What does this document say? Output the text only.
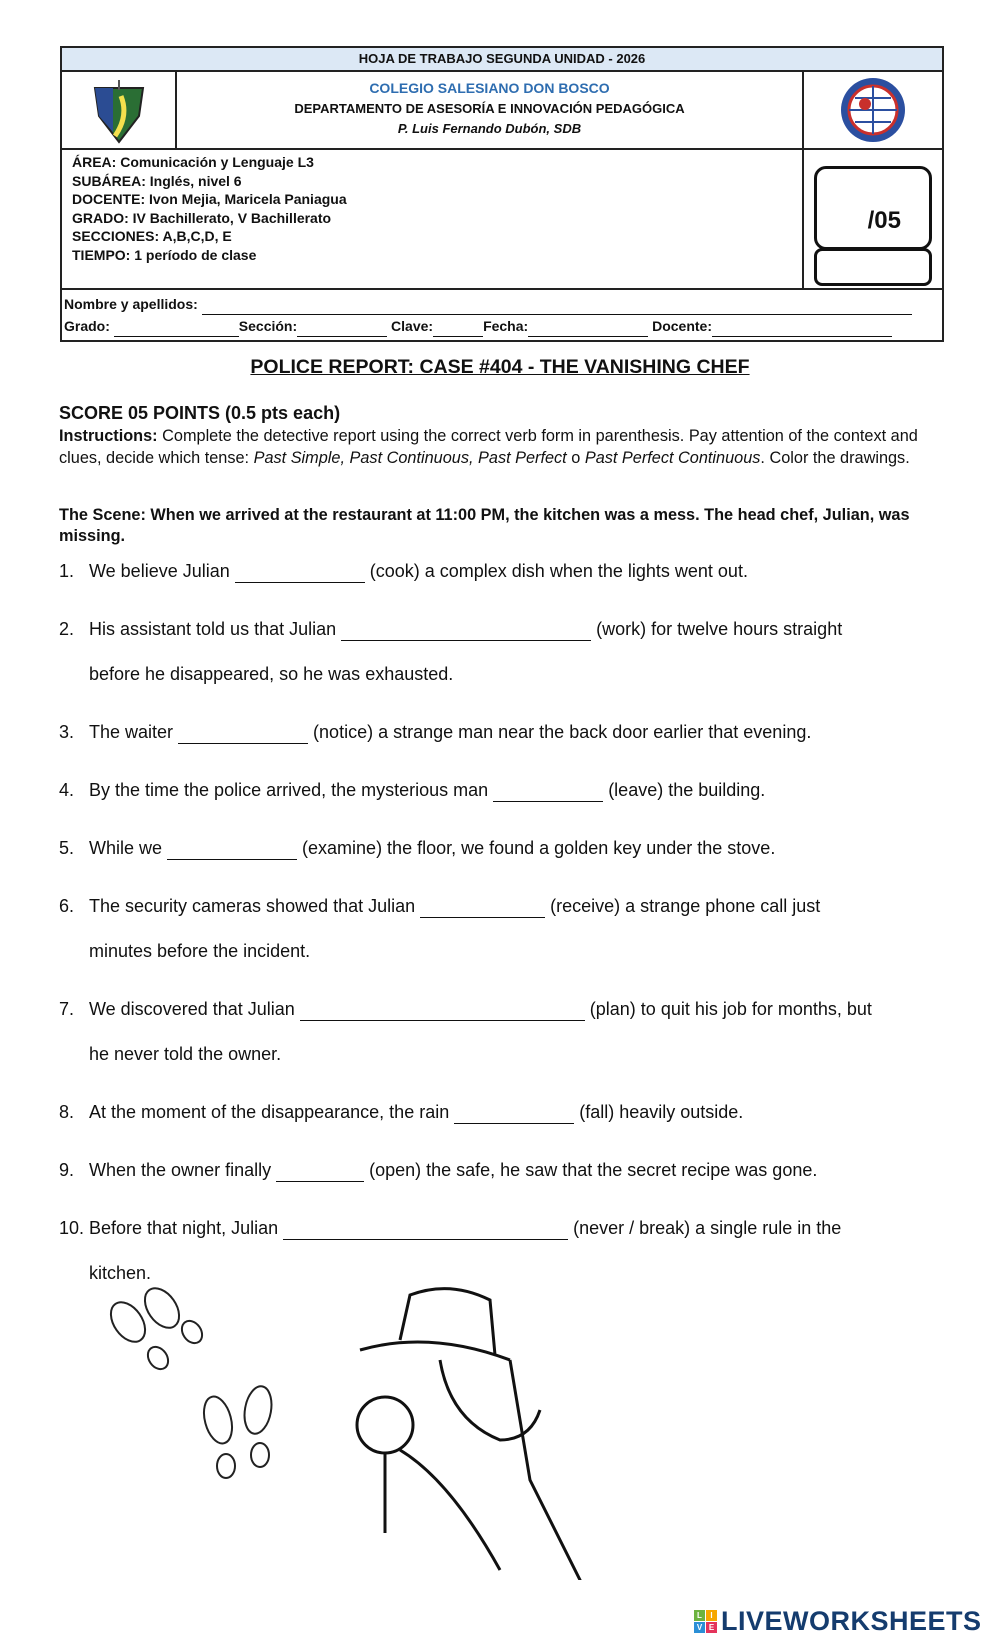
HOJA DE TRABAJO SEGUNDA UNIDAD - 2026
COLEGIO SALESIANO DON BOSCO
DEPARTAMENTO DE ASESORÍA E INNOVACIÓN PEDAGÓGICA
P. Luis Fernando Dubón, SDB
ÁREA: Comunicación y Lenguaje L3
SUBÁREA: Inglés, nivel 6
DOCENTE: Ivon Mejia, Maricela Paniagua
GRADO: IV Bachillerato, V Bachillerato
SECCIONES: A,B,C,D, E
TIEMPO: 1 período de clase
/05
Nombre y apellidos:
Grado:	Sección:	Clave:	Fecha:	Docente:
POLICE REPORT: CASE #404 - THE VANISHING CHEF
SCORE 05 POINTS (0.5 pts each)
Instructions: Complete the detective report using the correct verb form in parenthesis. Pay attention of the context and clues, decide which tense: Past Simple, Past Continuous, Past Perfect o Past Perfect Continuous. Color the drawings.
The Scene: When we arrived at the restaurant at 11:00 PM, the kitchen was a mess. The head chef, Julian, was missing.
1. We believe Julian	(cook) a complex dish when the lights went out.
2. His assistant told us that Julian	(work) for twelve hours straight
before he disappeared, so he was exhausted.
3. The waiter	(notice) a strange man near the back door earlier that evening.
4. By the time the police arrived, the mysterious man	(leave) the building.
5. While we	(examine) the floor, we found a golden key under the stove.
6. The security cameras showed that Julian	(receive) a strange phone call just
minutes before the incident.
7. We discovered that Julian	(plan) to quit his job for months, but
he never told the owner.
8. At the moment of the disappearance, the rain	(fall) heavily outside.
9. When the owner finally	(open) the safe, he saw that the secret recipe was gone.
10. Before that night, Julian	(never / break) a single rule in the
kitchen.
L	I
V E LIVEWORKSHEETS
